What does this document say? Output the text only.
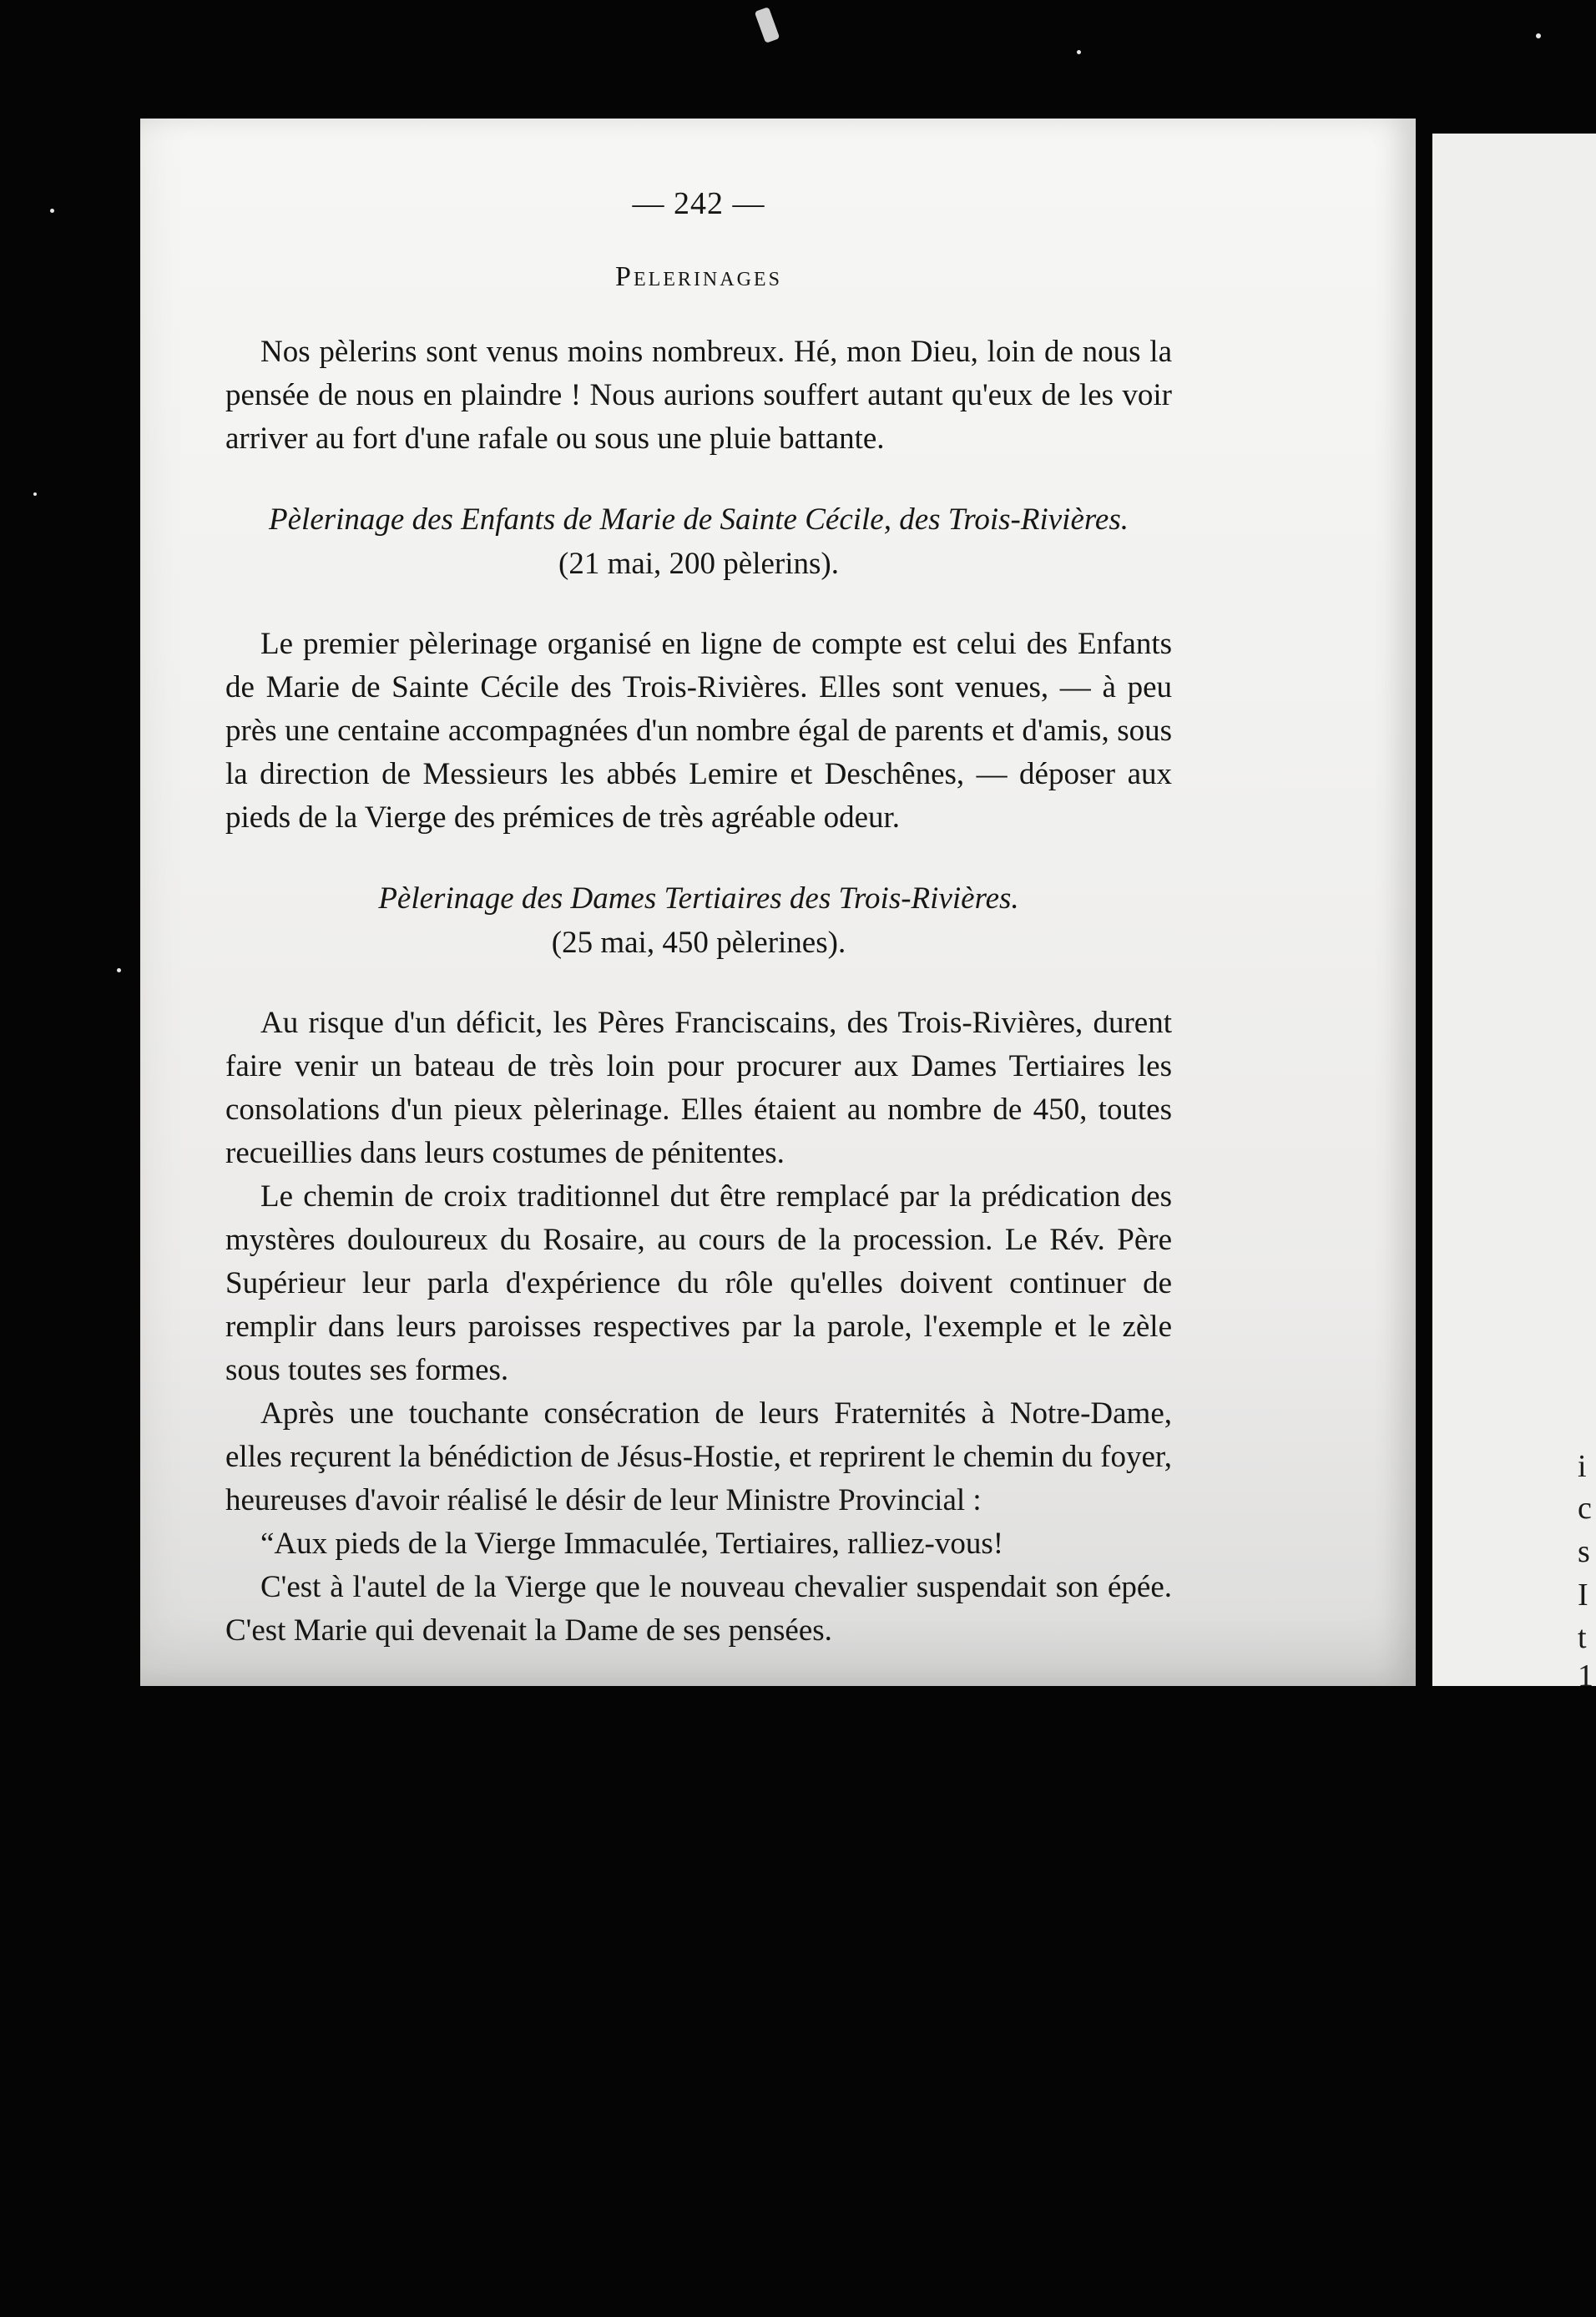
— 242 —
Pelerinages

Nos pèlerins sont venus moins nombreux. Hé, mon Dieu, loin de nous la pensée de nous en plaindre ! Nous aurions souffert autant qu'eux de les voir arriver au fort d'une rafale ou sous une pluie battante.

Pèlerinage des Enfants de Marie de Sainte Cécile, des Trois-Rivières.
(21 mai, 200 pèlerins).

Le premier pèlerinage organisé en ligne de compte est celui des Enfants de Marie de Sainte Cécile des Trois-Rivières. Elles sont venues, — à peu près une centaine accompagnées d'un nombre égal de parents et d'amis, sous la direction de Messieurs les abbés Lemire et Deschênes, — déposer aux pieds de la Vierge des prémices de très agréable odeur.

Pèlerinage des Dames Tertiaires des Trois-Rivières.
(25 mai, 450 pèlerines).

Au risque d'un déficit, les Pères Franciscains, des Trois-Rivières, durent faire venir un bateau de très loin pour procurer aux Dames Tertiaires les consolations d'un pieux pèlerinage. Elles étaient au nombre de 450, toutes recueillies dans leurs costumes de pénitentes.

Le chemin de croix traditionnel dut être remplacé par la prédication des mystères douloureux du Rosaire, au cours de la procession. Le Rév. Père Supérieur leur parla d'expérience du rôle qu'elles doivent continuer de remplir dans leurs paroisses respectives par la parole, l'exemple et le zèle sous toutes ses formes.

Après une touchante consécration de leurs Fraternités à Notre-Dame, elles reçurent la bénédiction de Jésus-Hostie, et reprirent le chemin du foyer, heureuses d'avoir réalisé le désir de leur Ministre Provincial :

“Aux pieds de la Vierge Immaculée, Tertiaires, ralliez-vous!

C'est à l'autel de la Vierge que le nouveau chevalier suspendait son épée. C'est Marie qui devenait la Dame de ses pensées.

i
c
s
I
t
1
